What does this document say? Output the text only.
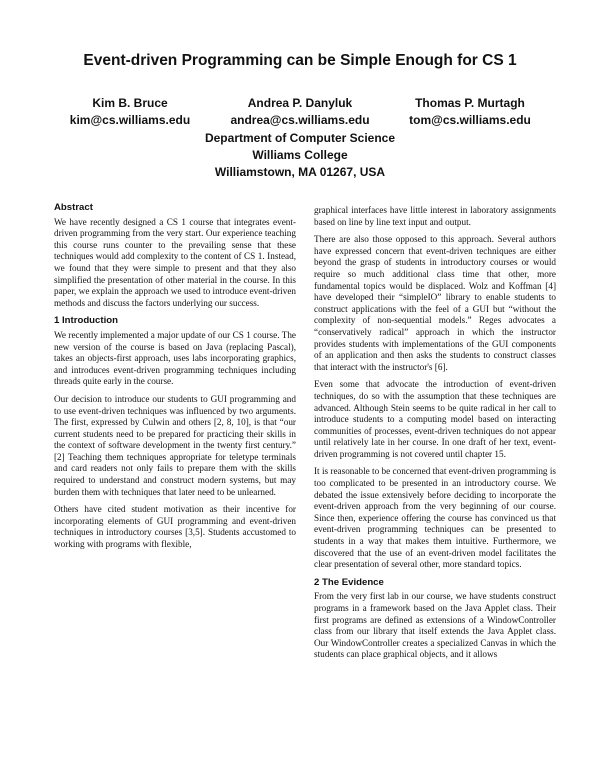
Event-driven Programming can be Simple Enough for CS 1
Kim B. Bruce
kim@cs.williams.edu
Andrea P. Danyluk
andrea@cs.williams.edu
Thomas P. Murtagh
tom@cs.williams.edu
Department of Computer Science
Williams College
Williamstown, MA 01267, USA
Abstract

We have recently designed a CS 1 course that integrates event-driven programming from the very start. Our experience teaching this course runs counter to the prevailing sense that these techniques would add complexity to the content of CS 1. Instead, we found that they were simple to present and that they also simplified the presentation of other material in the course. In this paper, we explain the approach we used to introduce event-driven methods and discuss the factors underlying our success.

1 Introduction

We recently implemented a major update of our CS 1 course. The new version of the course is based on Java (replacing Pascal), takes an objects-first approach, uses labs incorporating graphics, and introduces event-driven programming techniques including threads quite early in the course.

Our decision to introduce our students to GUI programming and to use event-driven techniques was influenced by two arguments. The first, expressed by Culwin and others [2, 8, 10], is that “our current students need to be prepared for practicing their skills in the context of software development in the twenty first century.” [2] Teaching them techniques appropriate for teletype terminals and card readers not only fails to prepare them with the skills required to understand and construct modern systems, but may burden them with techniques that later need to be unlearned.

Others have cited student motivation as their incentive for incorporating elements of GUI programming and event-driven techniques in introductory courses [3,5]. Students accustomed to working with programs with flexible,

graphical interfaces have little interest in laboratory assignments based on line by line text input and output.

There are also those opposed to this approach. Several authors have expressed concern that event-driven techniques are either beyond the grasp of students in introductory courses or would require so much additional class time that other, more fundamental topics would be displaced. Wolz and Koffman [4] have developed their “simpleIO” library to enable students to construct applications with the feel of a GUI but “without the complexity of non-sequential models.” Reges advocates a “conservatively radical” approach in which the instructor provides students with implementations of the GUI components of an application and then asks the students to construct classes that interact with the instructor's [6].

Even some that advocate the introduction of event-driven techniques, do so with the assumption that these techniques are advanced. Although Stein seems to be quite radical in her call to introduce students to a computing model based on interacting communities of processes, event-driven techniques do not appear until relatively late in her course. In one draft of her text, event-driven programming is not covered until chapter 15.

It is reasonable to be concerned that event-driven programming is too complicated to be presented in an introductory course. We debated the issue extensively before deciding to incorporate the event-driven approach from the very beginning of our course. Since then, experience offering the course has convinced us that event-driven programming techniques can be presented to students in a way that makes them intuitive. Furthermore, we discovered that the use of an event-driven model facilitates the clear presentation of several other, more standard topics.

2 The Evidence

From the very first lab in our course, we have students construct programs in a framework based on the Java Applet class. Their first programs are defined as extensions of a WindowController class from our library that itself extends the Java Applet class. Our WindowController creates a specialized Canvas in which the students can place graphical objects, and it allows
